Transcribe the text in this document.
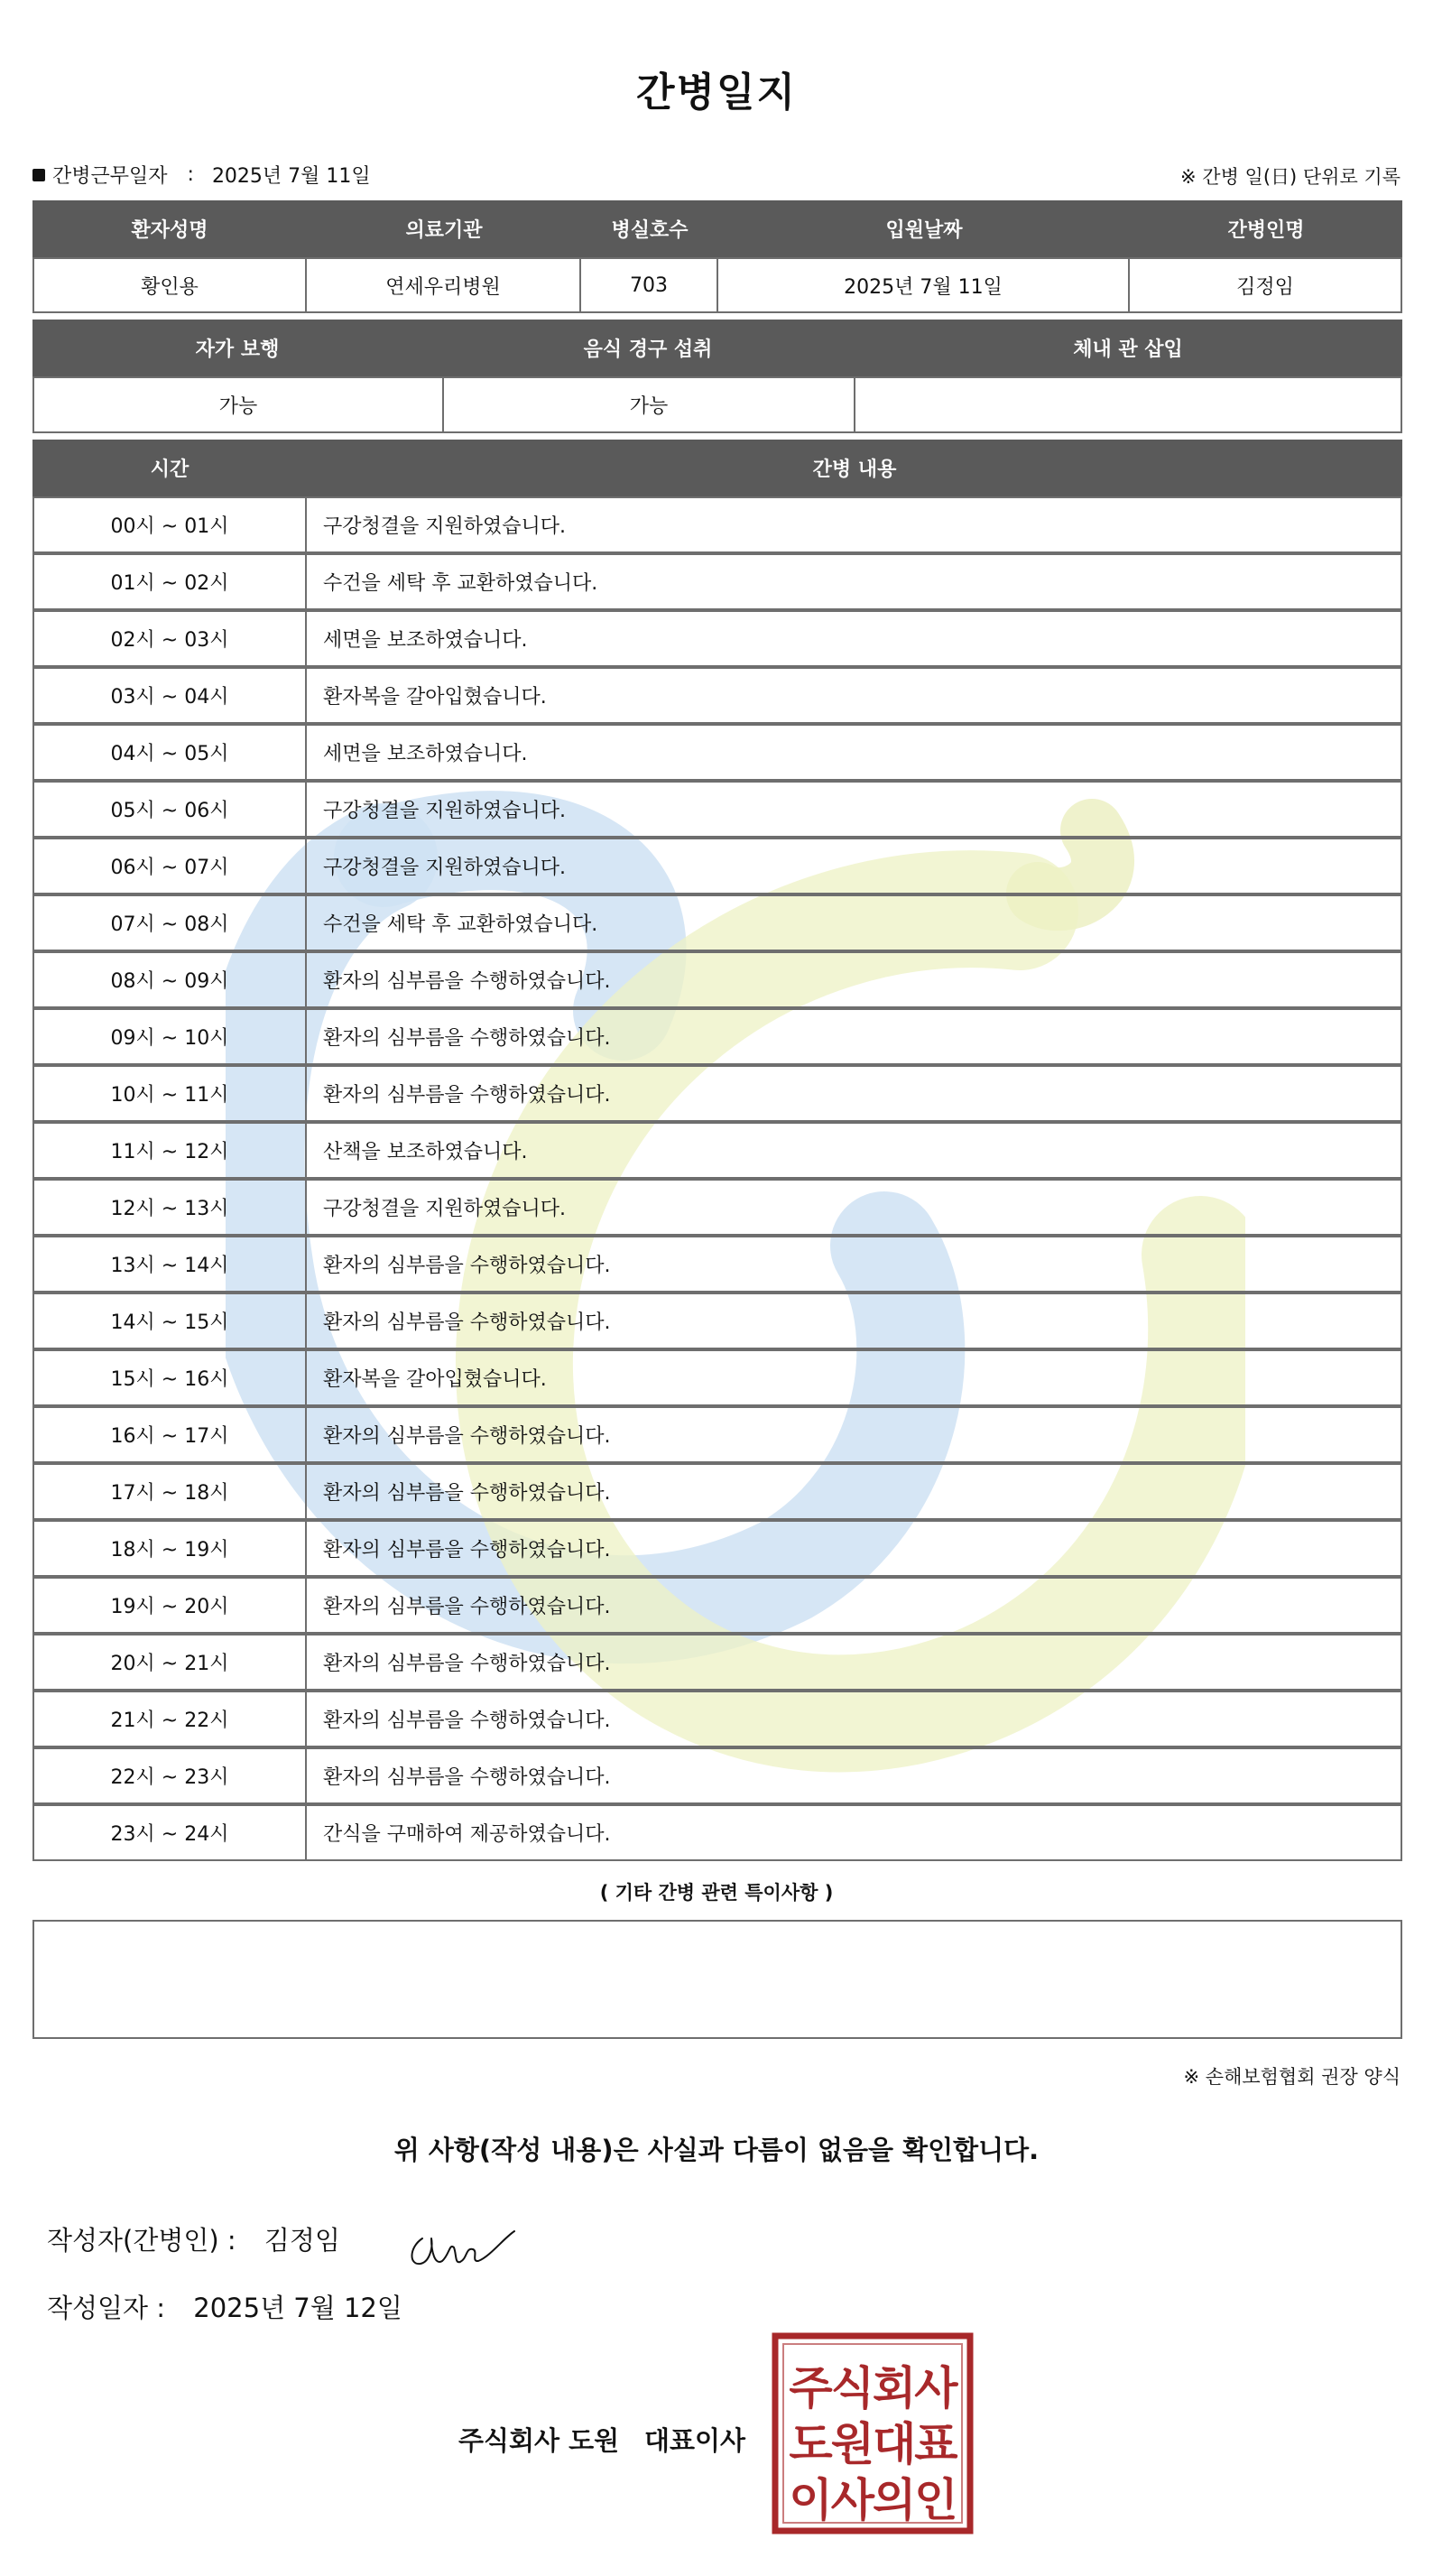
간병일지
간병근무일자 : 2025년 7월 11일	※ 간병 일(日) 단위로 기록
환자성명	의료기관	병실호수	입원날짜	간병인명
황인용	연세우리병원	703	2025년 7월 11일	김정임
자가 보행	음식 경구 섭취	체내 관 삽입
가능	가능
시간	간병 내용
00시 ~ 01시	구강청결을 지원하였습니다.
01시 ~ 02시	수건을 세탁 후 교환하였습니다.
02시 ~ 03시	세면을 보조하였습니다.
03시 ~ 04시	환자복을 갈아입혔습니다.
04시 ~ 05시	세면을 보조하였습니다.
05시 ~ 06시	구강청결을 지원하였습니다.
06시 ~ 07시	구강청결을 지원하였습니다.
07시 ~ 08시	수건을 세탁 후 교환하였습니다.
08시 ~ 09시	환자의 심부름을 수행하였습니다.
09시 ~ 10시	환자의 심부름을 수행하였습니다.
10시 ~ 11시	환자의 심부름을 수행하였습니다.
11시 ~ 12시	산책을 보조하였습니다.
12시 ~ 13시	구강청결을 지원하였습니다.
13시 ~ 14시	환자의 심부름을 수행하였습니다.
14시 ~ 15시	환자의 심부름을 수행하였습니다.
15시 ~ 16시	환자복을 갈아입혔습니다.
16시 ~ 17시	환자의 심부름을 수행하였습니다.
17시 ~ 18시	환자의 심부름을 수행하였습니다.
18시 ~ 19시	환자의 심부름을 수행하였습니다.
19시 ~ 20시	환자의 심부름을 수행하였습니다.
20시 ~ 21시	환자의 심부름을 수행하였습니다.
21시 ~ 22시	환자의 심부름을 수행하였습니다.
22시 ~ 23시	환자의 심부름을 수행하였습니다.
23시 ~ 24시	간식을 구매하여 제공하였습니다.
( 기타 간병 관련 특이사항 )
※ 손해보험협회 권장 양식
위 사항(작성 내용)은 사실과 다름이 없음을 확인합니다.
작성자(간병인) : 김정임
작성일자 : 2025년 7월 12일
주식회사 도원 대표이사
주식회사
도원대표
이사의인
